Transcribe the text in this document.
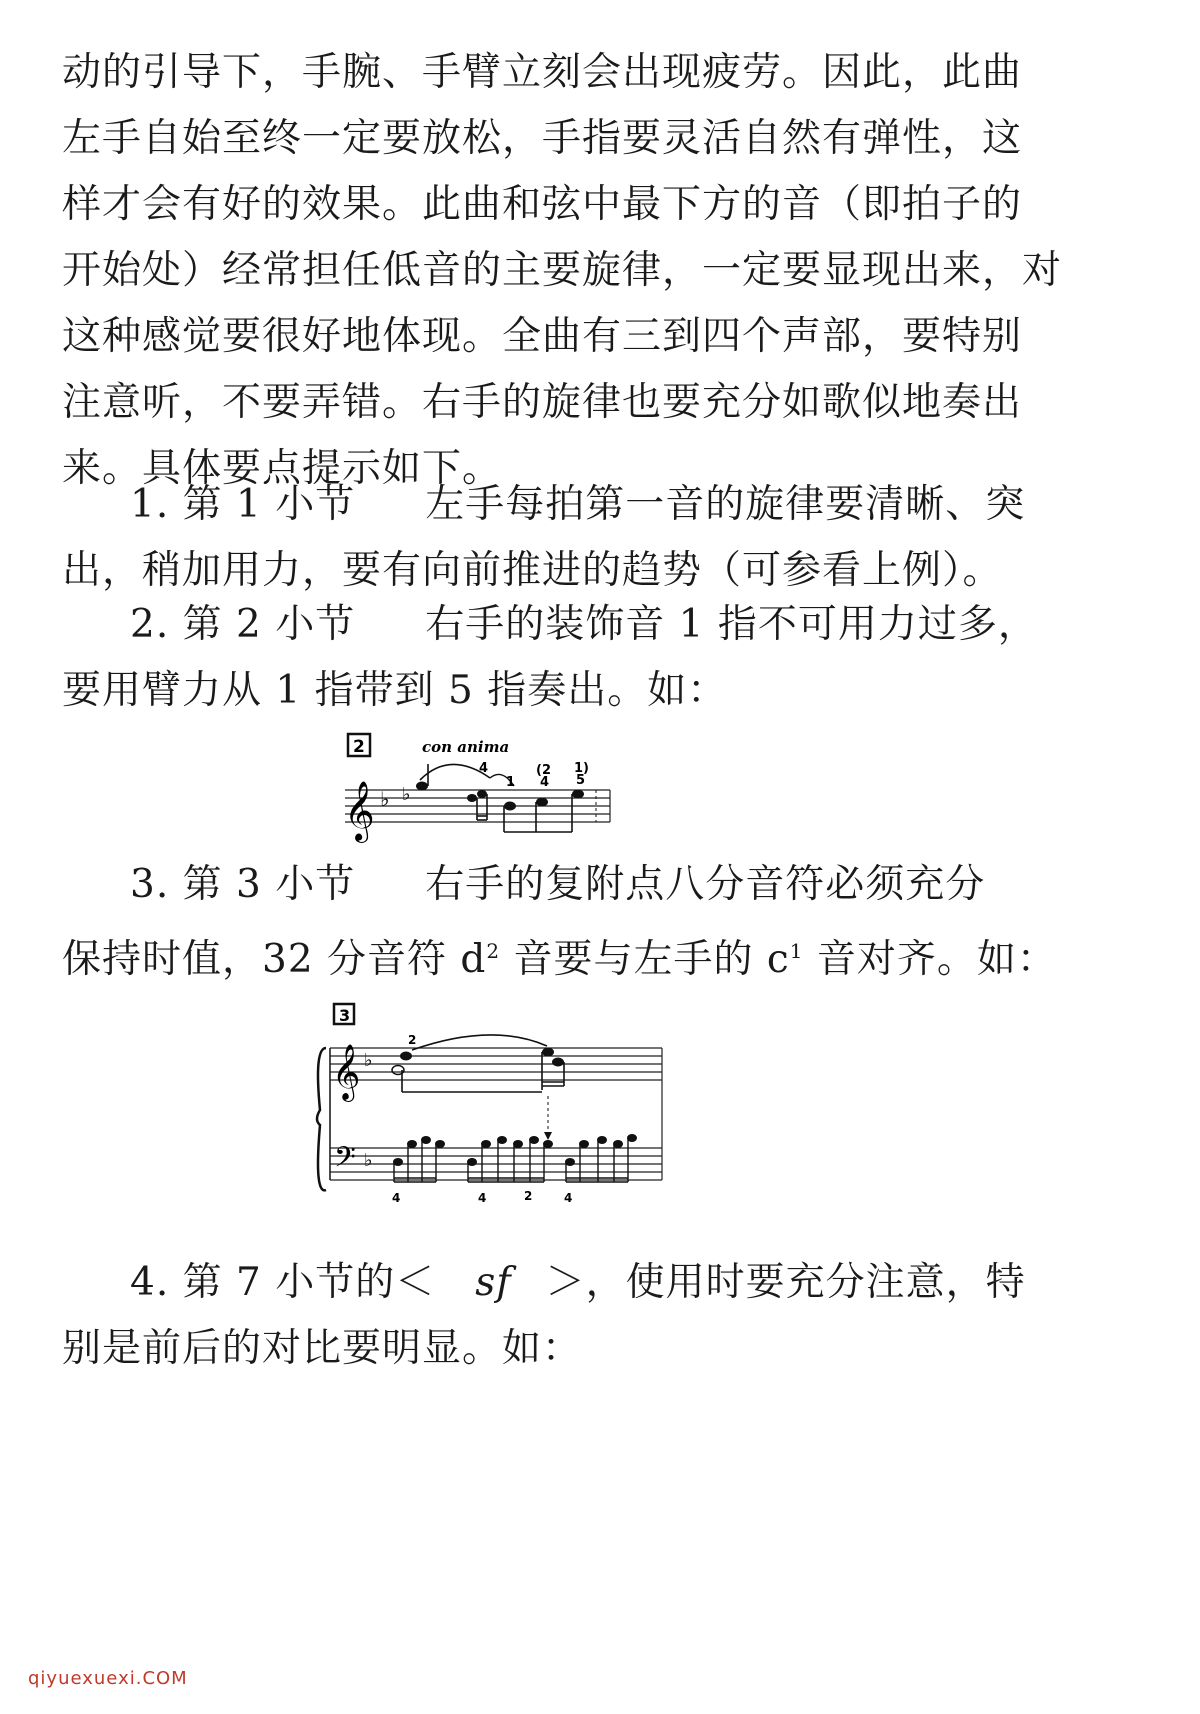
动的引导下，手腕、手臂立刻会出现疲劳。因此，此曲
左手自始至终一定要放松，手指要灵活自然有弹性，这
样才会有好的效果。此曲和弦中最下方的音（即拍子的
开始处）经常担任低音的主要旋律，一定要显现出来，对
这种感觉要很好地体现。全曲有三到四个声部，要特别
注意听，不要弄错。右手的旋律也要充分如歌似地奏出
来。具体要点提示如下。
1. 第 1 小节 左手每拍第一音的旋律要清晰、突
出，稍加用力，要有向前推进的趋势（可参看上例）。
2. 第 2 小节 右手的装饰音 1 指不可用力过多，
要用臂力从 1 指带到 5 指奏出。如：
2	con anima
𝄞 ♭ ♭
4
1
(2
4
1)
5
3. 第 3 小节 右手的复附点八分音符必须充分
保持时值，32 分音符 $d^2$ 音要与左手的 $c^1$ 音对齐。如：
3
𝄞 ♭
𝄢 ♭
2
4	4	2	4
4. 第 7 小节的＜ sf ＞，使用时要充分注意，特
别是前后的对比要明显。如：
qiyuexuexi.COM
